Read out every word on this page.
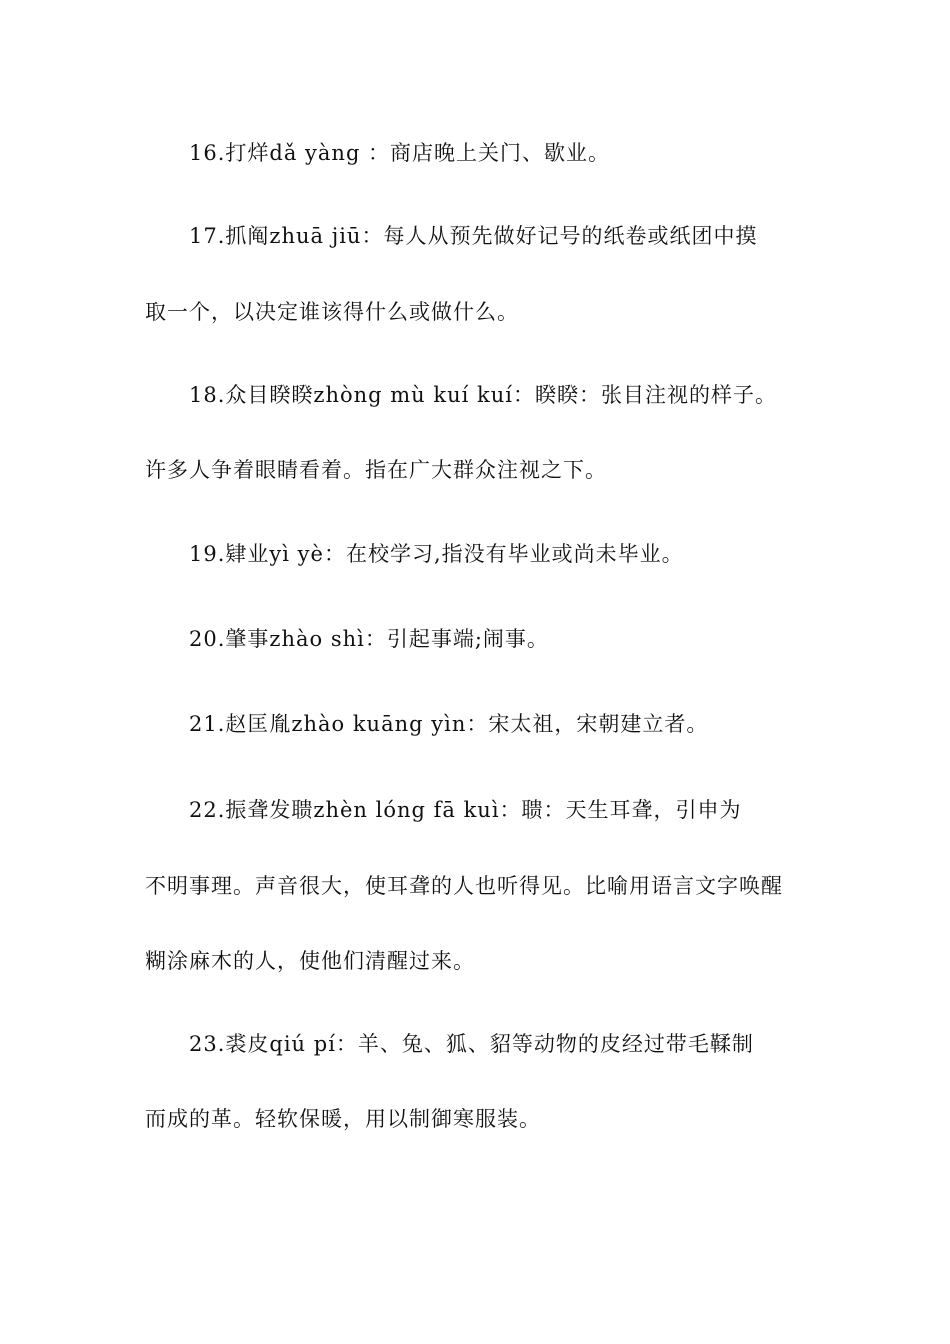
16.打烊dǎ yàng ：商店晚上关门、歇业。
17.抓阄zhuā jiū：每人从预先做好记号的纸卷或纸团中摸
取一个，以决定谁该得什么或做什么。
18.众目睽睽zhòng mù kuí kuí：睽睽：张目注视的样子。
许多人争着眼睛看着。指在广大群众注视之下。
19.肄业yì yè：在校学习,指没有毕业或尚未毕业。
20.肇事zhào shì：引起事端;闹事。
21.赵匡胤zhào kuāng yìn：宋太祖，宋朝建立者。
22.振聋发聩zhèn lóng fā kuì：聩：天生耳聋，引申为
不明事理。声音很大，使耳聋的人也听得见。比喻用语言文字唤醒
糊涂麻木的人，使他们清醒过来。
23.裘皮qiú pí：羊、兔、狐、貂等动物的皮经过带毛鞣制
而成的革。轻软保暖，用以制御寒服装。
